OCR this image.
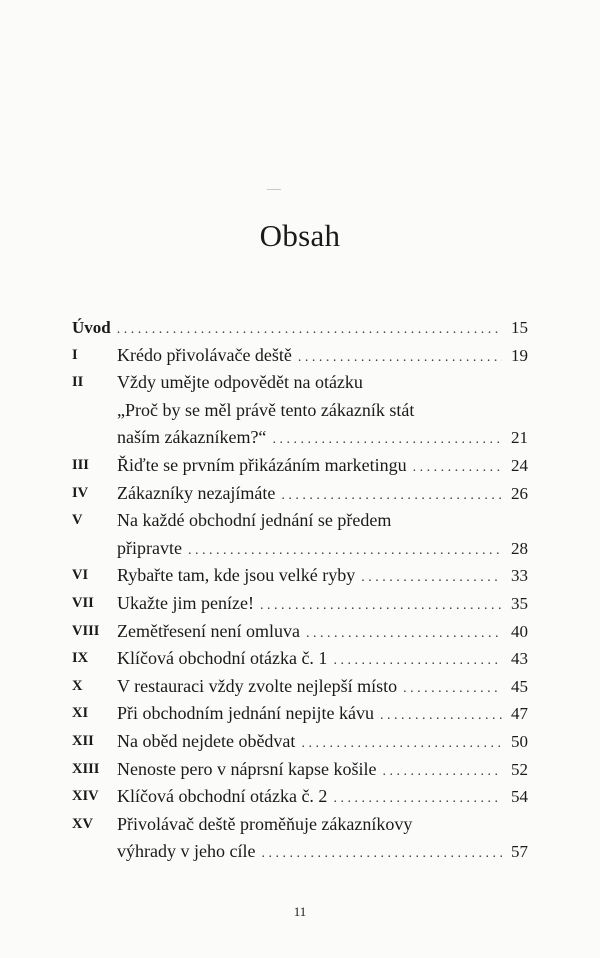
Obsah
Úvod . . .	15
I	Krédo přivolávače deště . . .	19
II	Vždy umějte odpovědět na otázku
„Proč by se měl právě tento zákazník stát
naším zákazníkem?“ . . .	21
III	Řiďte se prvním přikázáním marketingu . . .	24
IV	Zákazníky nezajímáte . . .	26
V	Na každé obchodní jednání se předem
připravte . . .	28
VI	Rybařte tam, kde jsou velké ryby . . .	33
VII	Ukažte jim peníze! . . .	35
VIII Zemětřesení není omluva . . .	40
IX	Klíčová obchodní otázka č. 1 . . .	43
X	V restauraci vždy zvolte nejlepší místo . . .	45
XI	Při obchodním jednání nepijte kávu . . .	47
XII	Na oběd nejdete obědvat . . .	50
XIII Nenoste pero v náprsní kapse košile . . .	52
XIV	Klíčová obchodní otázka č. 2 . . .	54
XV	Přivolávač deště proměňuje zákazníkovy
výhrady v jeho cíle . . .	57
11
